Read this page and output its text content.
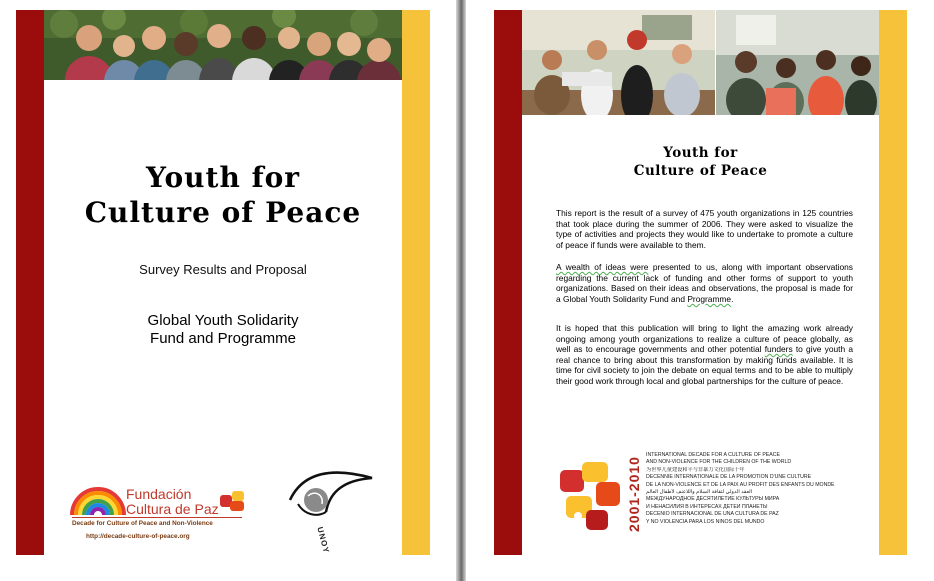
Youth for
Culture of Peace
Survey Results and Proposal
Global Youth Solidarity
Fund and Programme
Fundación
Cultura de Paz
Decade for Culture of Peace and Non-Violence
http://decade-culture-of-peace.org	UNOY
Youth for
Culture of Peace

This report is the result of a survey of 475 youth organizations in 125 countries that took place during the summer of 2006. They were asked to visualize the type of activities and projects they would like to undertake to promote a culture of peace if funds were available to them.

A wealth of ideas were presented to us, along with important observations regarding the current lack of funding and other forms of support to youth organizations. Based on their ideas and observations, the proposal is made for a Global Youth Solidarity Fund and Programme.

It is hoped that this publication will bring to light the amazing work already ongoing among youth organizations to realize a culture of peace globally, as well as to encourage governments and other potential funders to give youth a real chance to bring about this transformation by making funds available. It is time for civil society to join the debate on equal terms and to be able to multiply their good work through local and global partnerships for the culture of peace.

2001-2010
INTERNATIONAL DECADE FOR A CULTURE OF PEACE
AND NON-VIOLENCE FOR THE CHILDREN OF THE WORLD
为世界儿童建设和平与非暴力文化国际十年
DECENNIE INTERNATIONALE DE LA PROMOTION D'UNE CULTURE
DE LA NON-VIOLENCE ET DE LA PAIX AU PROFIT DES ENFANTS DU MONDE
العقد الدولي لثقافة السلام واللاعنف لأطفال العالم
МЕЖДУНАРОДНОЕ ДЕСЯТИЛЕТИЕ КУЛЬТУРЫ МИРА
И НЕНАСИЛИЯ В ИНТЕРЕСАХ ДЕТЕЙ ПЛАНЕТЫ
DECENIO INTERNACIONAL DE UNA CULTURA DE PAZ
Y NO VIOLENCIA PARA LOS NIÑOS DEL MUNDO
